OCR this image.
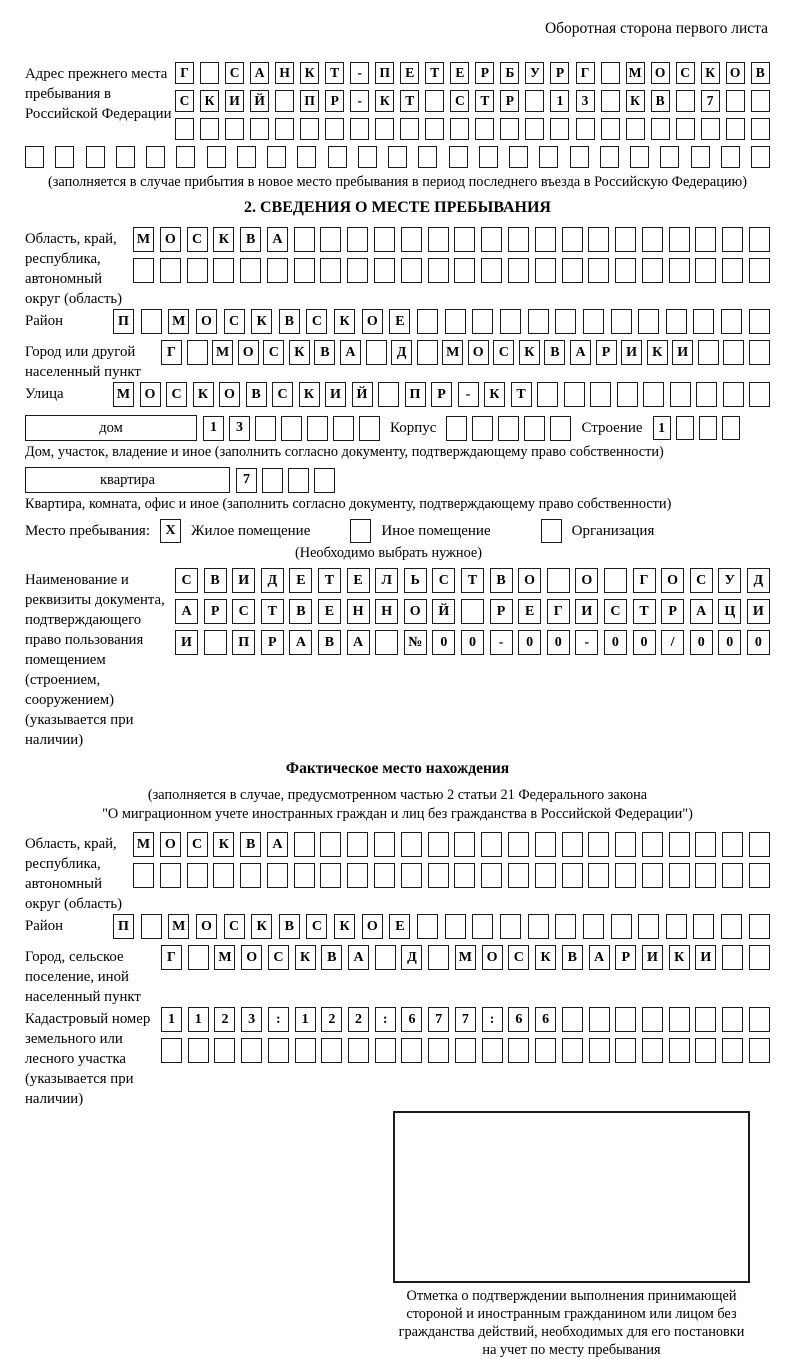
Оборотная сторона первого листа
Адрес прежнего места пребывания в Российской Федерации
Г	С	А	Н	К	Т	-	П	Е	Т	Е	Р	Б	У	Р	Г	М О	С	К	О	В
С	К	И	Й	П	Р	-	К	Т	С	Т	Р	1	3	К	В	7
(заполняется в случае прибытия в новое место пребывания в период последнего въезда в Российскую Федерацию)
2. СВЕДЕНИЯ О МЕСТЕ ПРЕБЫВАНИЯ
Область, край, республика, автономный округ (область)
М	О	С	К	В	А
Район	П	М	О	С	К	В	С	К	О	Е
Город или другой населенный пункт
Г	М О	С	К	В	А	Д	М О	С	К	В	А	Р	И	К	И
Улица	М	О	С	К	О	В	С	К	И	Й	П	Р	-	К	Т
дом	1	3	Корпус	Строение	1
Дом, участок, владение и иное (заполнить согласно документу, подтверждающему право собственности)
квартира	7
Квартира, комната, офис и иное (заполнить согласно документу, подтверждающему право собственности)
Место пребывания:	X	Жилое помещение	Иное помещение	Организация
(Необходимо выбрать нужное)
Наименование и реквизиты документа, подтверждающего право пользования помещением (строением, сооружением) (указывается при наличии)
С	В	И	Д	Е	Т	Е	Л	Ь	С	Т	В	О	О	Г	О	С	У	Д
А	Р	С	Т	В	Е	Н	Н	О	Й	Р	Е	Г	И	С	Т	Р	А	Ц	И
И	П	Р	А	В	А	№	0	0	-	0	0	-	0	0	/	0	0	0
Фактическое место нахождения
(заполняется в случае, предусмотренном частью 2 статьи 21 Федерального закона
"О миграционном учете иностранных граждан и лиц без гражданства в Российской Федерации")
Область, край, республика, автономный округ (область)
М	О	С	К	В	А
Район	П	М	О	С	К	В	С	К	О	Е
Город, сельское поселение, иной населенный пункт
Г	М	О	С	К	В	А	Д	М	О	С	К	В	А	Р	И	К	И
Кадастровый номер земельного или лесного участка (указывается при наличии)
1	1	2	3	:	1	2	2	:	6	7	7	:	6	6
Отметка о подтверждении выполнения принимающей стороной и иностранным гражданином или лицом без гражданства действий, необходимых для его постановки на учет по месту пребывания
